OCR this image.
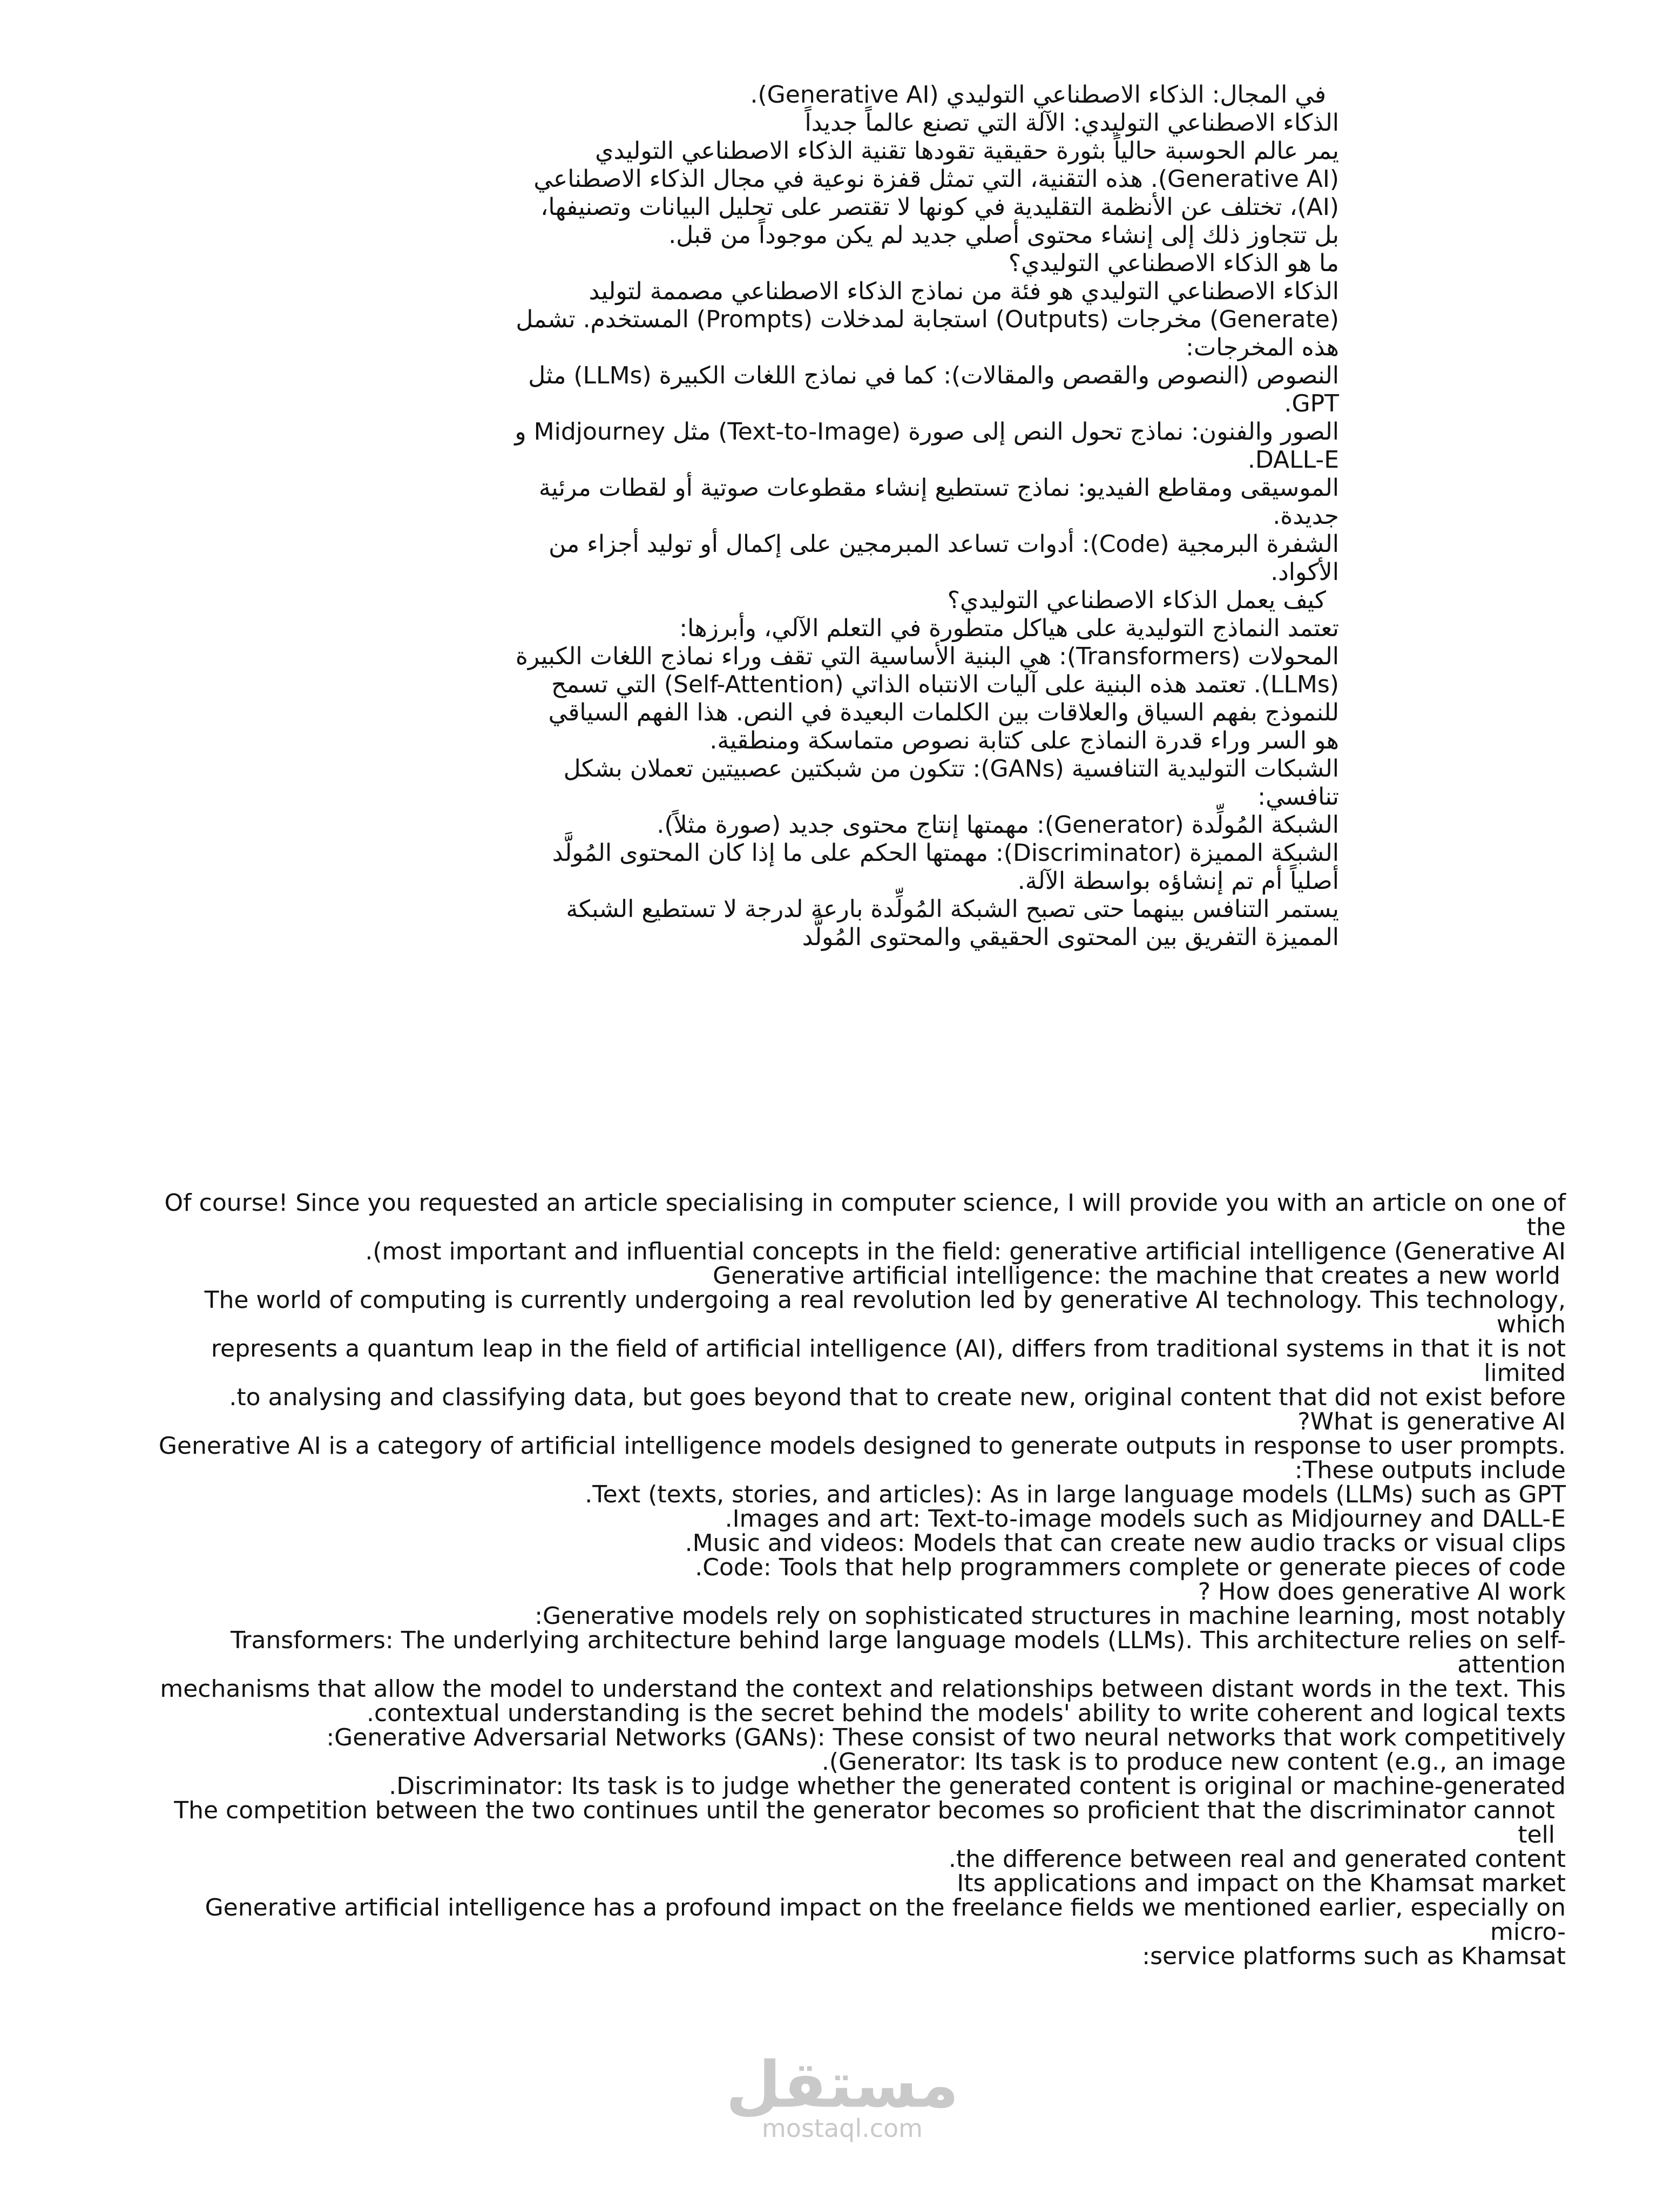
في المجال: الذكاء الاصطناعي التوليدي (Generative AI).

الذكاء الاصطناعي التوليدي: الآلة التي تصنع عالماً جديداً

يمر عالم الحوسبة حالياً بثورة حقيقية تقودها تقنية الذكاء الاصطناعي التوليدي

(Generative AI). هذه التقنية، التي تمثل قفزة نوعية في مجال الذكاء الاصطناعي

(AI)، تختلف عن الأنظمة التقليدية في كونها لا تقتصر على تحليل البيانات وتصنيفها،

بل تتجاوز ذلك إلى إنشاء محتوى أصلي جديد لم يكن موجوداً من قبل.

ما هو الذكاء الاصطناعي التوليدي؟

الذكاء الاصطناعي التوليدي هو فئة من نماذج الذكاء الاصطناعي مصممة لتوليد

(Generate) مخرجات (Outputs) استجابة لمدخلات (Prompts) المستخدم. تشمل

هذه المخرجات:

النصوص (النصوص والقصص والمقالات): كما في نماذج اللغات الكبيرة (LLMs) مثل

GPT.

الصور والفنون: نماذج تحول النص إلى صورة (Text-to-Image) مثل Midjourney و

DALL-E.

الموسيقى ومقاطع الفيديو: نماذج تستطيع إنشاء مقطوعات صوتية أو لقطات مرئية

جديدة.

الشفرة البرمجية (Code): أدوات تساعد المبرمجين على إكمال أو توليد أجزاء من

الأكواد.

كيف يعمل الذكاء الاصطناعي التوليدي؟

تعتمد النماذج التوليدية على هياكل متطورة في التعلم الآلي، وأبرزها:

المحولات (Transformers): هي البنية الأساسية التي تقف وراء نماذج اللغات الكبيرة

(LLMs). تعتمد هذه البنية على آليات الانتباه الذاتي (Self-Attention) التي تسمح

للنموذج بفهم السياق والعلاقات بين الكلمات البعيدة في النص. هذا الفهم السياقي

هو السر وراء قدرة النماذج على كتابة نصوص متماسكة ومنطقية.

الشبكات التوليدية التنافسية (GANs): تتكون من شبكتين عصبيتين تعملان بشكل

تنافسي:

الشبكة المُولِّدة (Generator): مهمتها إنتاج محتوى جديد (صورة مثلاً).

الشبكة المميزة (Discriminator): مهمتها الحكم على ما إذا كان المحتوى المُولَّد

أصلياً أم تم إنشاؤه بواسطة الآلة.

يستمر التنافس بينهما حتى تصبح الشبكة المُولِّدة بارعة لدرجة لا تستطيع الشبكة

المميزة التفريق بين المحتوى الحقيقي والمحتوى المُولَّد

Of course! Since you requested an article specialising in computer science, I will provide you with an article on one of the

.(most important and influential concepts in the field: generative artificial intelligence (Generative AI

Generative artificial intelligence: the machine that creates a new world

The world of computing is currently undergoing a real revolution led by generative AI technology. This technology, which

represents a quantum leap in the field of artificial intelligence (AI), differs from traditional systems in that it is not limited

.to analysing and classifying data, but goes beyond that to create new, original content that did not exist before

?What is generative AI

Generative AI is a category of artificial intelligence models designed to generate outputs in response to user prompts.

:These outputs include

.Text (texts, stories, and articles): As in large language models (LLMs) such as GPT

.Images and art: Text-to-image models such as Midjourney and DALL-E

.Music and videos: Models that can create new audio tracks or visual clips

.Code: Tools that help programmers complete or generate pieces of code

? How does generative AI work

:Generative models rely on sophisticated structures in machine learning, most notably

Transformers: The underlying architecture behind large language models (LLMs). This architecture relies on self-attention

mechanisms that allow the model to understand the context and relationships between distant words in the text. This

.contextual understanding is the secret behind the models' ability to write coherent and logical texts

:Generative Adversarial Networks (GANs): These consist of two neural networks that work competitively

.(Generator: Its task is to produce new content (e.g., an image

.Discriminator: Its task is to judge whether the generated content is original or machine-generated

The competition between the two continues until the generator becomes so proficient that the discriminator cannot tell

.the difference between real and generated content

Its applications and impact on the Khamsat market

Generative artificial intelligence has a profound impact on the freelance fields we mentioned earlier, especially on micro-

:service platforms such as Khamsat

مستقل
mostaql.com
